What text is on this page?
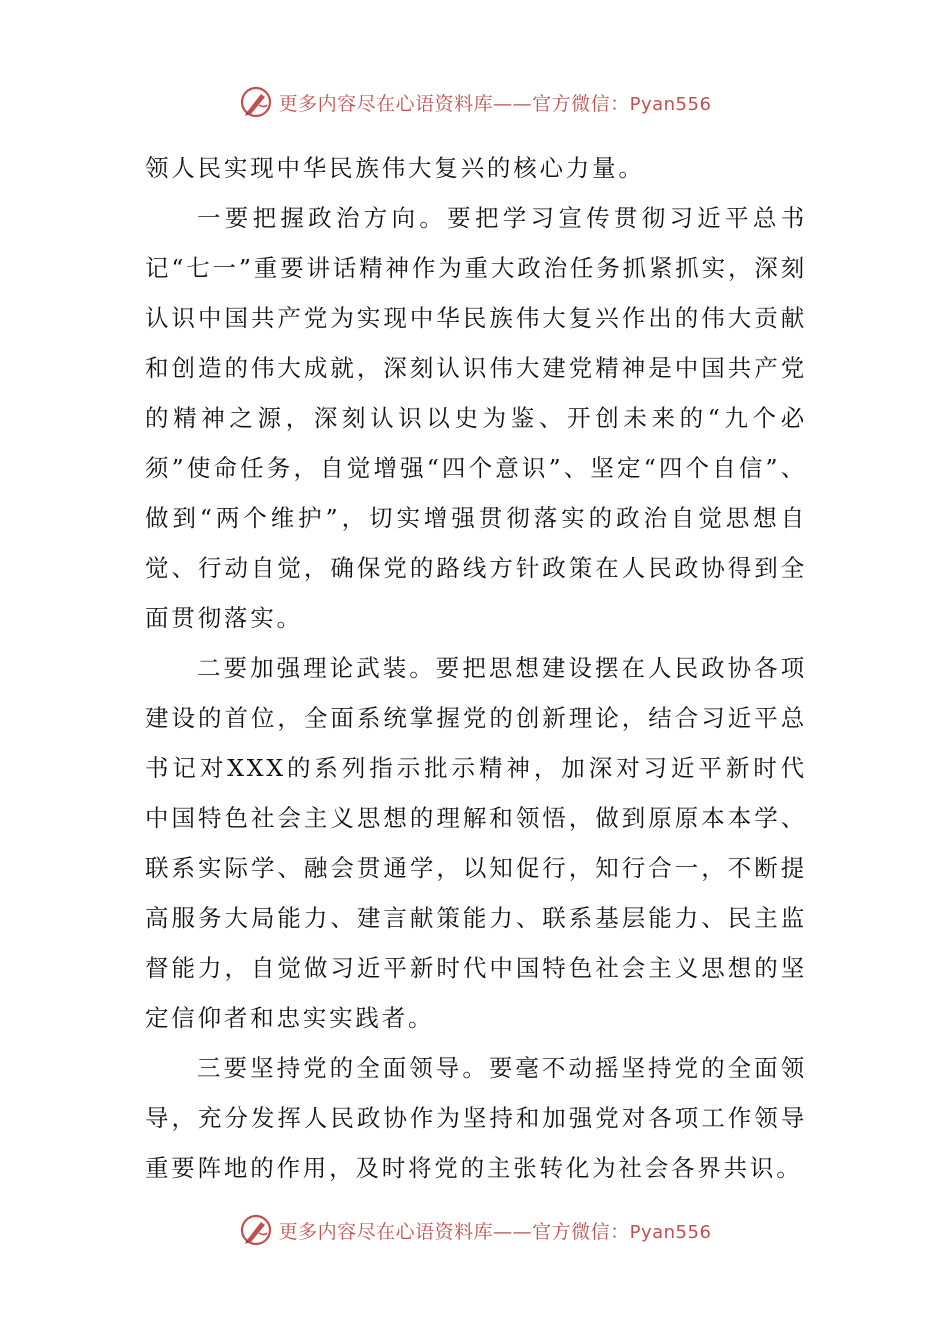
更多内容尽在心语资料库——官方微信：Pyan556

领人民实现中华民族伟大复兴的核心力量。

一要把握政治方向。要把学习宣传贯彻习近平总书记“七一”重要讲话精神作为重大政治任务抓紧抓实，深刻认识中国共产党为实现中华民族伟大复兴作出的伟大贡献和创造的伟大成就，深刻认识伟大建党精神是中国共产党的精神之源，深刻认识以史为鉴、开创未来的“九个必须”使命任务，自觉增强“四个意识”、坚定“四个自信”、做到“两个维护”，切实增强贯彻落实的政治自觉思想自觉、行动自觉，确保党的路线方针政策在人民政协得到全面贯彻落实。

二要加强理论武装。要把思想建设摆在人民政协各项建设的首位，全面系统掌握党的创新理论，结合习近平总书记对XXX的系列指示批示精神，加深对习近平新时代中国特色社会主义思想的理解和领悟，做到原原本本学、联系实际学、融会贯通学，以知促行，知行合一，不断提高服务大局能力、建言献策能力、联系基层能力、民主监督能力，自觉做习近平新时代中国特色社会主义思想的坚定信仰者和忠实实践者。

三要坚持党的全面领导。要毫不动摇坚持党的全面领导，充分发挥人民政协作为坚持和加强党对各项工作领导重要阵地的作用，及时将党的主张转化为社会各界共识。

更多内容尽在心语资料库——官方微信：Pyan556
